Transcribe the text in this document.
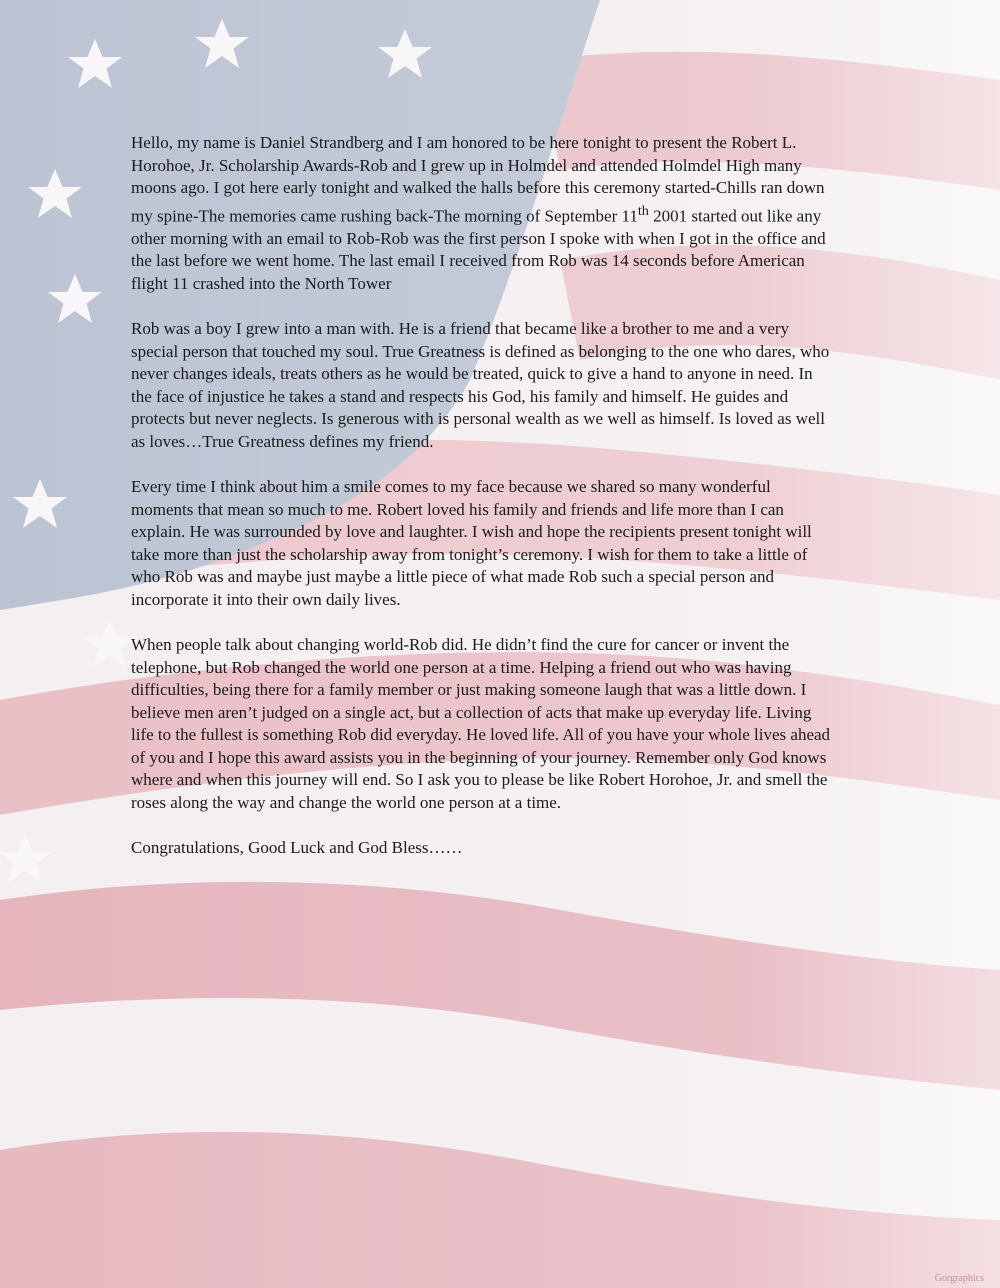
Hello, my name is Daniel Strandberg and I am honored to be here tonight to present the Robert L. Horohoe, Jr. Scholarship Awards-Rob and I grew up in Holmdel and attended Holmdel High many moons ago. I got here early tonight and walked the halls before this ceremony started-Chills ran down my spine-The memories came rushing back-The morning of September 11th 2001 started out like any other morning with an email to Rob-Rob was the first person I spoke with when I got in the office and the last before we went home. The last email I received from Rob was 14 seconds before American flight 11 crashed into the North Tower

Rob was a boy I grew into a man with. He is a friend that became like a brother to me and a very special person that touched my soul. True Greatness is defined as belonging to the one who dares, who never changes ideals, treats others as he would be treated, quick to give a hand to anyone in need. In the face of injustice he takes a stand and respects his God, his family and himself. He guides and protects but never neglects. Is generous with is personal wealth as we well as himself. Is loved as well as loves…True Greatness defines my friend.

Every time I think about him a smile comes to my face because we shared so many wonderful moments that mean so much to me. Robert loved his family and friends and life more than I can explain. He was surrounded by love and laughter. I wish and hope the recipients present tonight will take more than just the scholarship away from tonight’s ceremony. I wish for them to take a little of who Rob was and maybe just maybe a little piece of what made Rob such a special person and incorporate it into their own daily lives.

When people talk about changing world-Rob did. He didn’t find the cure for cancer or invent the telephone, but Rob changed the world one person at a time. Helping a friend out who was having difficulties, being there for a family member or just making someone laugh that was a little down. I believe men aren’t judged on a single act, but a collection of acts that make up everyday life. Living life to the fullest is something Rob did everyday. He loved life. All of you have your whole lives ahead of you and I hope this award assists you in the beginning of your journey. Remember only God knows where and when this journey will end. So I ask you to please be like Robert Horohoe, Jr. and smell the roses along the way and change the world one person at a time.

Congratulations, Good Luck and God Bless……

Gorgraphics
